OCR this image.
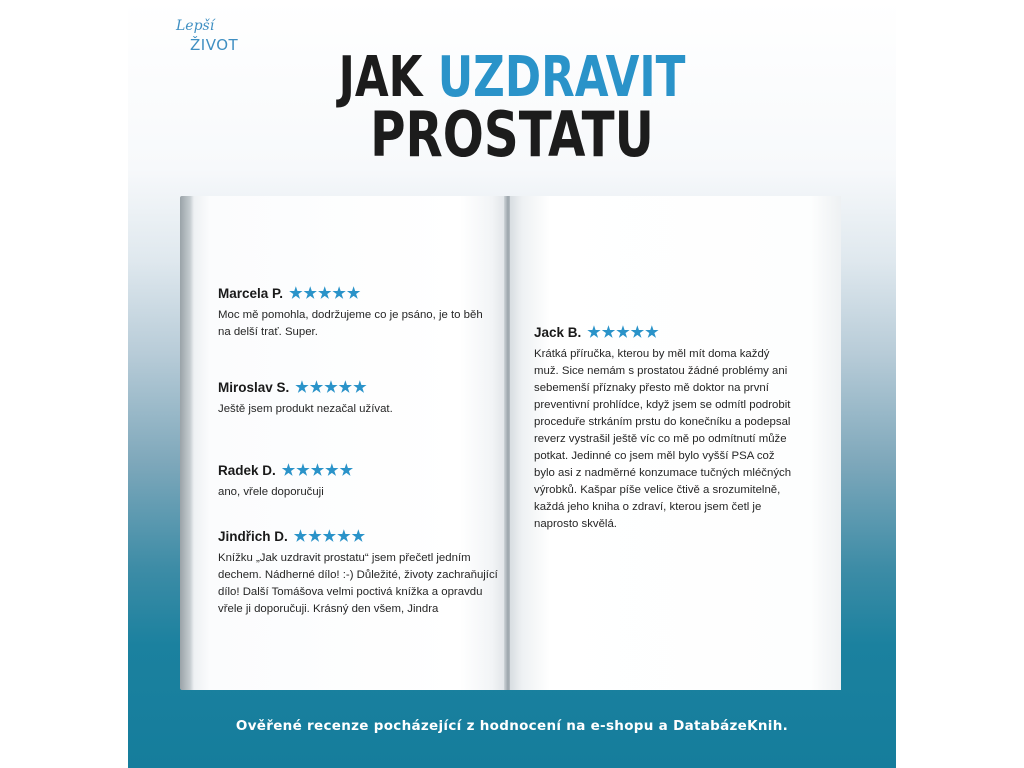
Lepší
ŽIVOT	JAK UZDRAVIT
PROSTATU
Marcela P. ★ ★ ★ ★ ★
Moc mě pomohla, dodržujeme co je psáno, je to běh na delší trať. Super.
Miroslav S. ★ ★ ★ ★ ★
Ještě jsem produkt nezačal užívat.
Radek D. ★ ★ ★ ★ ★
ano, vřele doporučuji
Jindřich D. ★ ★ ★ ★ ★
Knížku „Jak uzdravit prostatu“ jsem přečetl jedním dechem. Nádherné dílo! :-) Důležité, životy zachraňující dílo! Další Tomášova velmi poctivá knížka a opravdu vřele ji doporučuji. Krásný den všem, Jindra
Jack B. ★ ★ ★ ★ ★
Krátká příručka, kterou by měl mít doma každý muž. Sice nemám s prostatou žádné problémy ani sebemenší příznaky přesto mě doktor na první preventivní prohlídce, když jsem se odmítl podrobit proceduře strkáním prstu do konečníku a podepsal reverz vystrašil ještě víc co mě po odmítnutí může potkat. Jedinné co jsem měl bylo vyšší PSA což bylo asi z nadměrné konzumace tučných mléčných výrobků. Kašpar píše velice čtivě a srozumitelně, každá jeho kniha o zdraví, kterou jsem četl je naprosto skvělá.
Ověřené recenze pocházející z hodnocení na e-shopu a DatabázeKnih.
